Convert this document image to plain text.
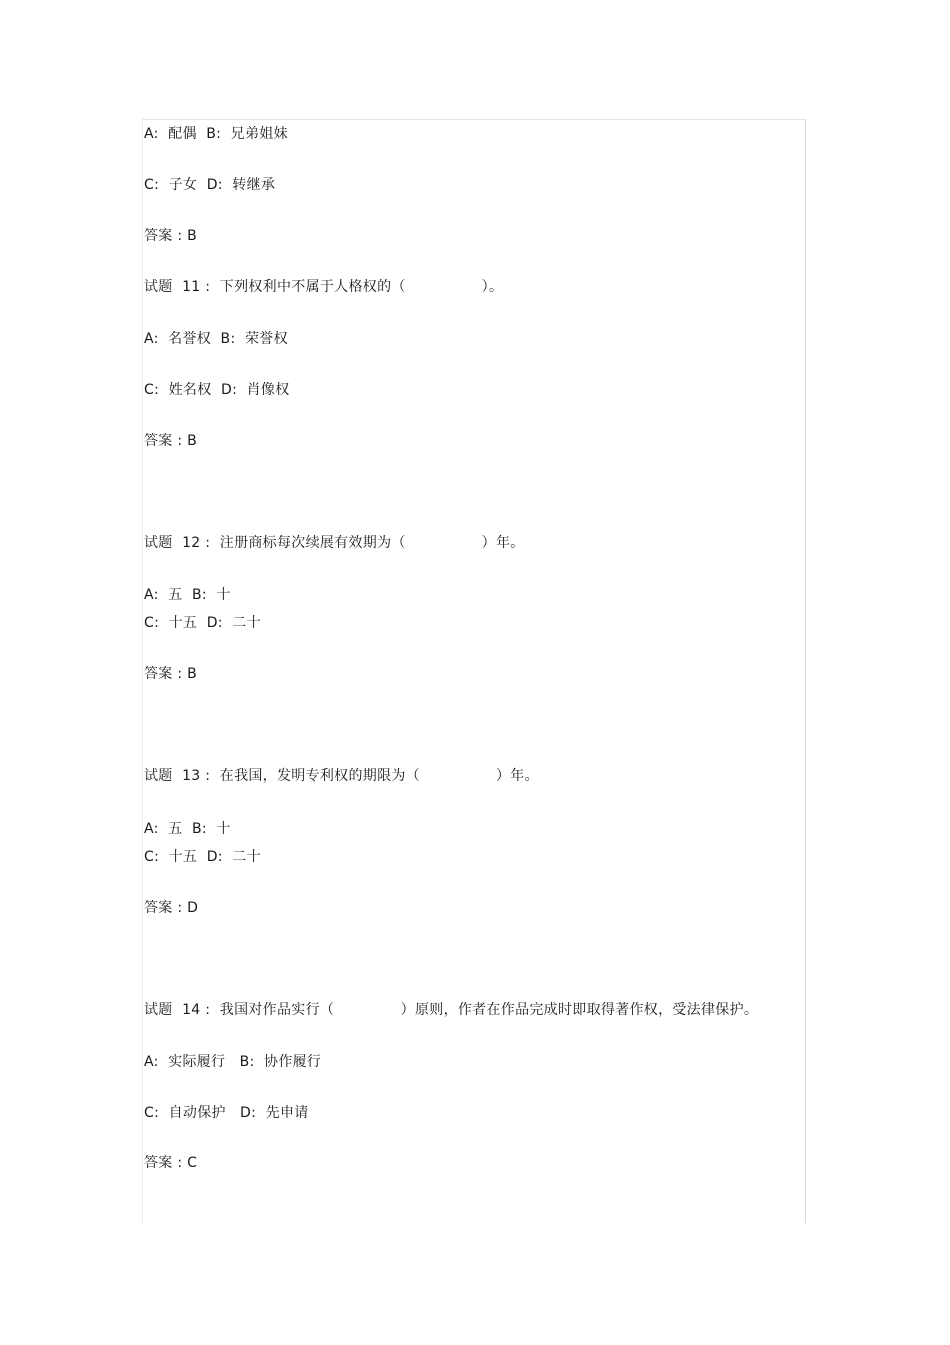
A:  配偶  B:  兄弟姐妹
C:  子女  D:  转继承
答案 : B
试题  11 :  下列权利中不属于人格权的（                ）。
A:  名誉权  B:  荣誉权
C:  姓名权  D:  肖像权
答案 : B
试题  12 :  注册商标每次续展有效期为（                ）年。
A:  五  B:  十
C:  十五  D:  二十
答案 : B
试题  13 :  在我国，发明专利权的期限为（                ）年。
A:  五  B:  十
C:  十五  D:  二十
答案 : D
试题  14 :  我国对作品实行（              ）原则，作者在作品完成时即取得著作权，受法律保护。
A:  实际履行   B:  协作履行
C:  自动保护   D:  先申请
答案 : C
